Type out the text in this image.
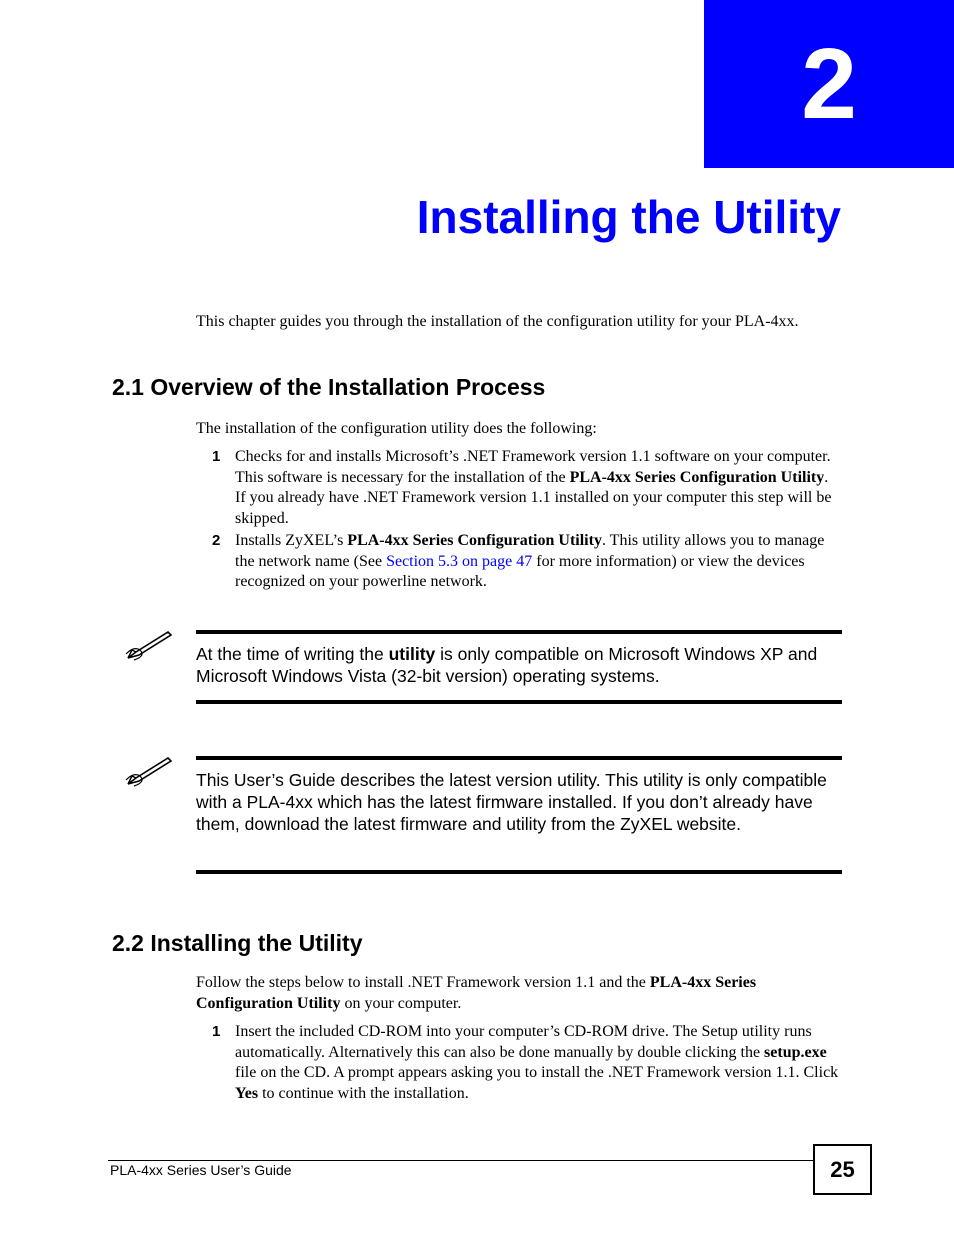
2
Installing the Utility
This chapter guides you through the installation of the configuration utility for your PLA-4xx.
2.1 Overview of the Installation Process
The installation of the configuration utility does the following:
1 Checks for and installs Microsoft’s .NET Framework version 1.1 software on your computer. This software is necessary for the installation of the PLA-4xx Series Configuration Utility. If you already have .NET Framework version 1.1 installed on your computer this step will be skipped.
2 Installs ZyXEL’s PLA-4xx Series Configuration Utility. This utility allows you to manage the network name (See Section 5.3 on page 47 for more information) or view the devices recognized on your powerline network.
At the time of writing the utility is only compatible on Microsoft Windows XP and Microsoft Windows Vista (32-bit version) operating systems.
This User’s Guide describes the latest version utility. This utility is only compatible with a PLA-4xx which has the latest firmware installed. If you don’t already have them, download the latest firmware and utility from the ZyXEL website.
2.2 Installing the Utility
Follow the steps below to install .NET Framework version 1.1 and the PLA-4xx Series Configuration Utility on your computer.
1 Insert the included CD-ROM into your computer’s CD-ROM drive. The Setup utility runs automatically. Alternatively this can also be done manually by double clicking the setup.exe file on the CD. A prompt appears asking you to install the .NET Framework version 1.1. Click Yes to continue with the installation.
PLA-4xx Series User’s Guide	25
